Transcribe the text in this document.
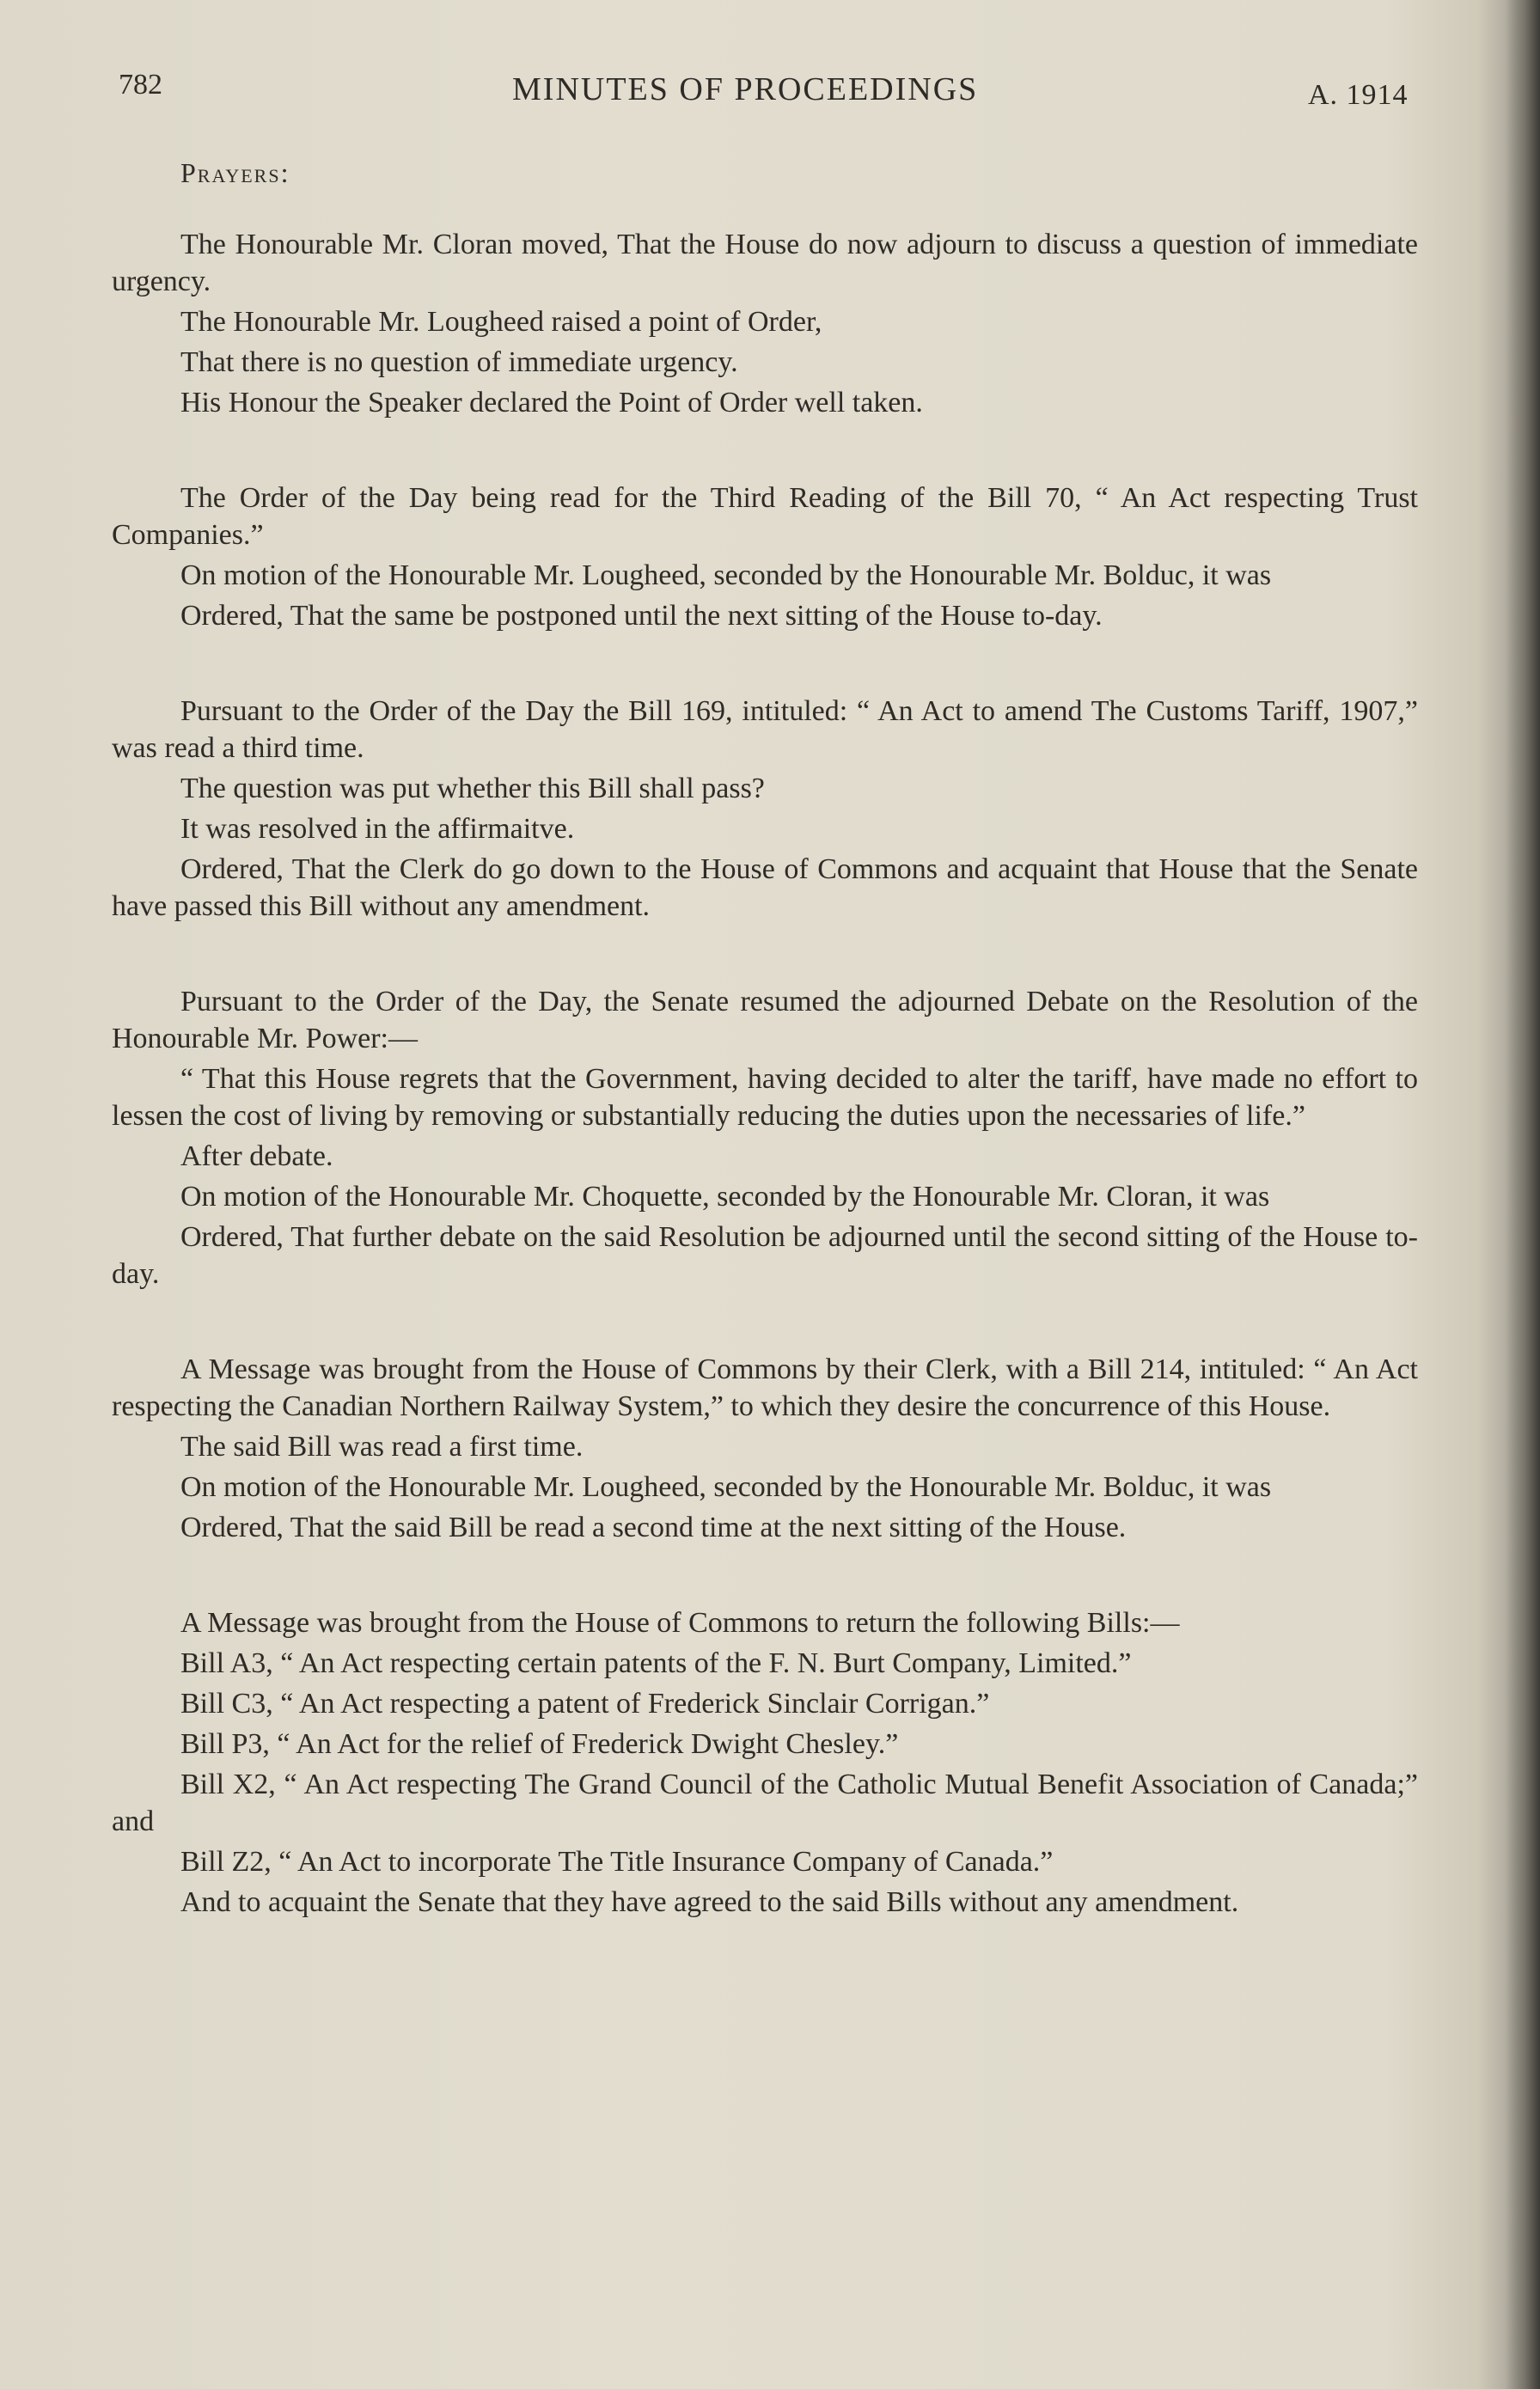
782	MINUTES OF PROCEEDINGS	A. 1914
Prayers:

The Honourable Mr. Cloran moved, That the House do now adjourn to discuss a question of immediate urgency.

The Honourable Mr. Lougheed raised a point of Order,

That there is no question of immediate urgency.

His Honour the Speaker declared the Point of Order well taken.

The Order of the Day being read for the Third Reading of the Bill 70, “ An Act respecting Trust Companies.”

On motion of the Honourable Mr. Lougheed, seconded by the Honourable Mr. Bolduc, it was

Ordered, That the same be postponed until the next sitting of the House to-day.

Pursuant to the Order of the Day the Bill 169, intituled: “ An Act to amend The Customs Tariff, 1907,” was read a third time.

The question was put whether this Bill shall pass?

It was resolved in the affirmaitve.

Ordered, That the Clerk do go down to the House of Commons and acquaint that House that the Senate have passed this Bill without any amendment.

Pursuant to the Order of the Day, the Senate resumed the adjourned Debate on the Resolution of the Honourable Mr. Power:—

“ That this House regrets that the Government, having decided to alter the tariff, have made no effort to lessen the cost of living by removing or substantially reducing the duties upon the necessaries of life.”

After debate.

On motion of the Honourable Mr. Choquette, seconded by the Honourable Mr. Cloran, it was

Ordered, That further debate on the said Resolution be adjourned until the second sitting of the House to-day.

A Message was brought from the House of Commons by their Clerk, with a Bill 214, intituled: “ An Act respecting the Canadian Northern Railway System,” to which they desire the concurrence of this House.

The said Bill was read a first time.

On motion of the Honourable Mr. Lougheed, seconded by the Honourable Mr. Bolduc, it was

Ordered, That the said Bill be read a second time at the next sitting of the House.

A Message was brought from the House of Commons to return the following Bills:—

Bill A3, “ An Act respecting certain patents of the F. N. Burt Company, Limited.”

Bill C3, “ An Act respecting a patent of Frederick Sinclair Corrigan.”

Bill P3, “ An Act for the relief of Frederick Dwight Chesley.”

Bill X2, “ An Act respecting The Grand Council of the Catholic Mutual Benefit Association of Canada;” and

Bill Z2, “ An Act to incorporate The Title Insurance Company of Canada.”

And to acquaint the Senate that they have agreed to the said Bills without any amendment.
